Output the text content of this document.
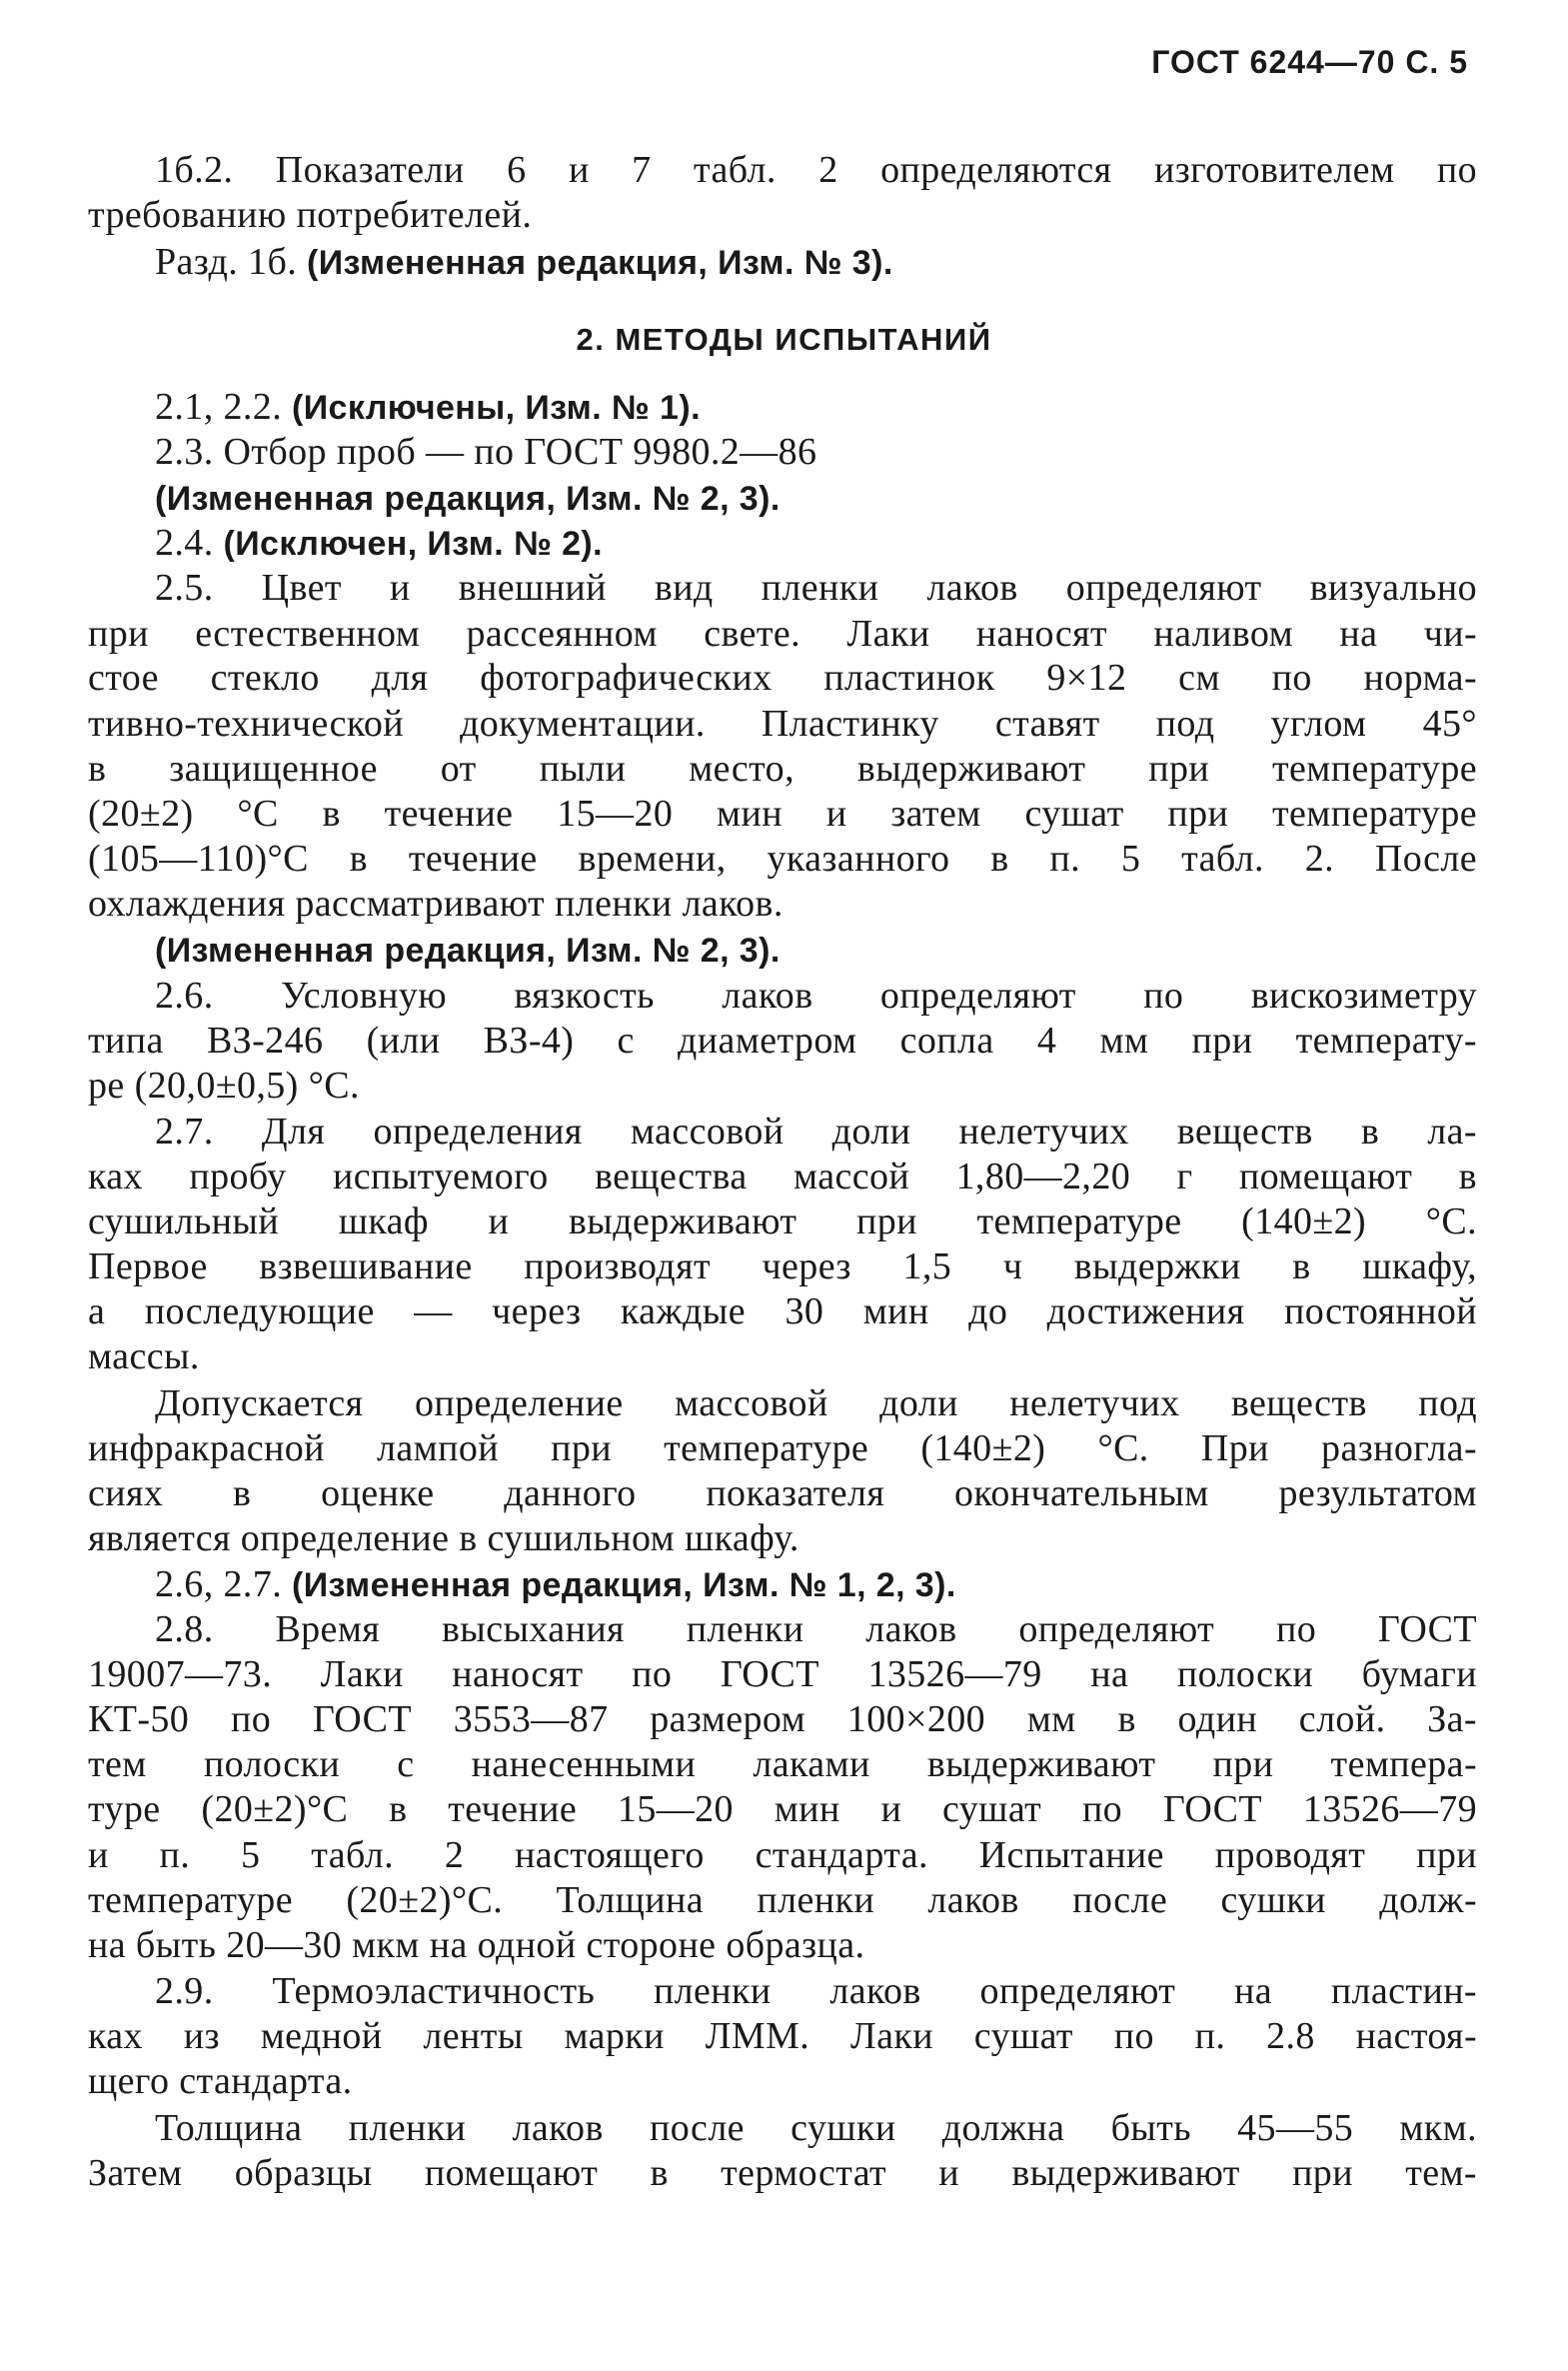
ГОСТ 6244—70 С. 5
2. МЕТОДЫ ИСПЫТАНИЙ
1б.2. Показатели 6 и 7 табл. 2 определяются изготовителем по
требованию потребителей.
Разд. 1б. (Измененная редакция, Изм. № 3).
2.1, 2.2. (Исключены, Изм. № 1).
2.3. Отбор проб — по ГОСТ 9980.2—86
(Измененная редакция, Изм. № 2, 3).
2.4. (Исключен, Изм. № 2).
2.5. Цвет и внешний вид пленки лаков определяют визуально
при естественном рассеянном свете. Лаки наносят наливом на чи-
стое стекло для фотографических пластинок 9×12 см по норма-
тивно-технической документации. Пластинку ставят под углом 45°
в защищенное от пыли место, выдерживают при температуре
(20±2) °С в течение 15—20 мин и затем сушат при температуре
(105—110)°С в течение времени, указанного в п. 5 табл. 2. После
охлаждения рассматривают пленки лаков.
(Измененная редакция, Изм. № 2, 3).
2.6. Условную вязкость лаков определяют по вискозиметру
типа ВЗ-246 (или ВЗ-4) с диаметром сопла 4 мм при температу-
ре (20,0±0,5) °С.
2.7. Для определения массовой доли нелетучих веществ в ла-
ках пробу испытуемого вещества массой 1,80—2,20 г помещают в
сушильный шкаф и выдерживают при температуре (140±2) °С.
Первое взвешивание производят через 1,5 ч выдержки в шкафу,
а последующие — через каждые 30 мин до достижения постоянной
массы.
Допускается определение массовой доли нелетучих веществ под
инфракрасной лампой при температуре (140±2) °С. При разногла-
сиях в оценке данного показателя окончательным результатом
является определение в сушильном шкафу.
2.6, 2.7. (Измененная редакция, Изм. № 1, 2, 3).
2.8. Время высыхания пленки лаков определяют по ГОСТ
19007—73. Лаки наносят по ГОСТ 13526—79 на полоски бумаги
КТ-50 по ГОСТ 3553—87 размером 100×200 мм в один слой. За-
тем полоски с нанесенными лаками выдерживают при темпера-
туре (20±2)°С в течение 15—20 мин и сушат по ГОСТ 13526—79
и п. 5 табл. 2 настоящего стандарта. Испытание проводят при
температуре (20±2)°С. Толщина пленки лаков после сушки долж-
на быть 20—30 мкм на одной стороне образца.
2.9. Термоэластичность пленки лаков определяют на пластин-
ках из медной ленты марки ЛММ. Лаки сушат по п. 2.8 настоя-
щего стандарта.
Толщина пленки лаков после сушки должна быть 45—55 мкм.
Затем образцы помещают в термостат и выдерживают при тем-
